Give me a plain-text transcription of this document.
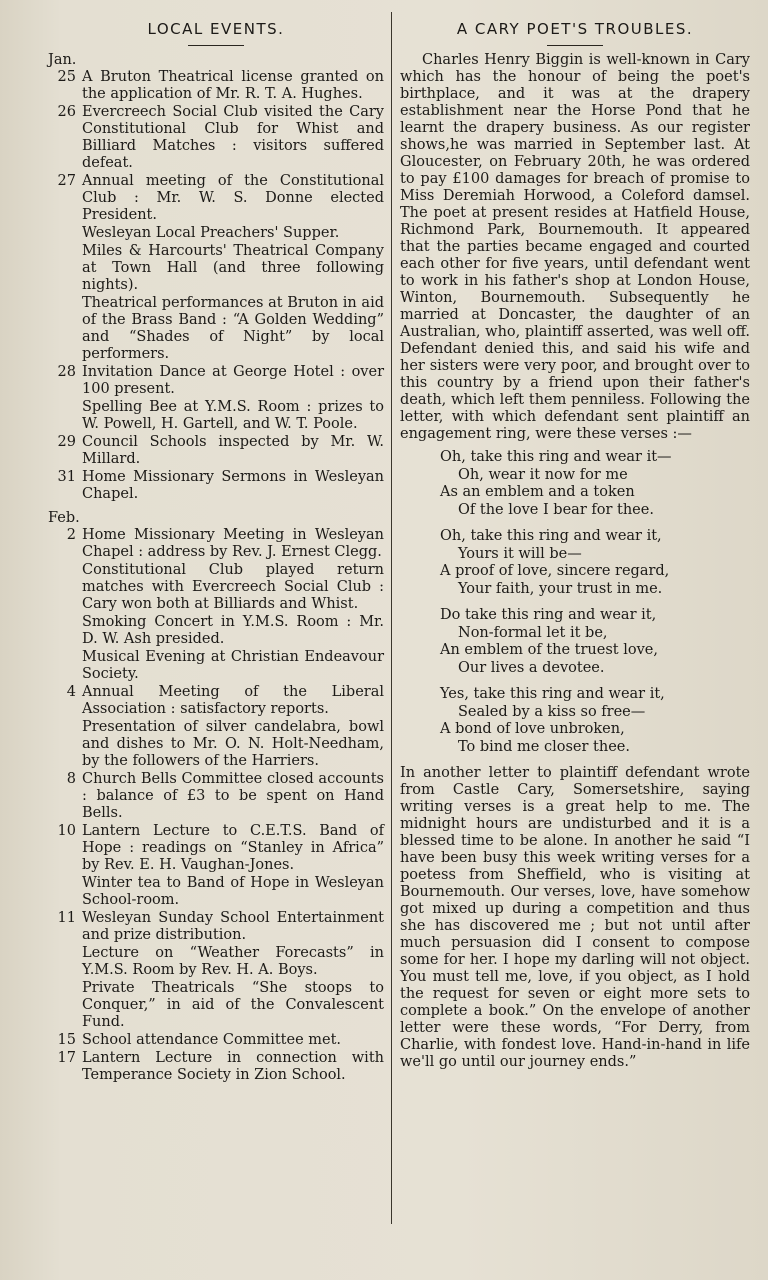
LOCAL EVENTS.
Jan.
25 A Bruton Theatrical license granted on the application of Mr. R. T. A. Hughes.
26 Evercreech Social Club visited the Cary Constitutional Club for Whist and Billiard Matches : visitors suffered defeat.
27 Annual meeting of the Constitutional Club : Mr. W. S. Donne elected President.
Wesleyan Local Preachers' Supper.
Miles & Harcourts' Theatrical Company at Town Hall (and three following nights).
Theatrical performances at Bruton in aid of the Brass Band : “A Golden Wedding” and “Shades of Night” by local performers.
28 Invitation Dance at George Hotel : over 100 present.
Spelling Bee at Y.M.S. Room : prizes to W. Powell, H. Gartell, and W. T. Poole.
29 Council Schools inspected by Mr. W. Millard.
31 Home Missionary Sermons in Wesleyan Chapel.
Feb.
2 Home Missionary Meeting in Wesleyan Chapel : address by Rev. J. Ernest Clegg.
Constitutional Club played return matches with Evercreech Social Club : Cary won both at Billiards and Whist.
Smoking Concert in Y.M.S. Room : Mr. D. W. Ash presided.
Musical Evening at Christian Endeavour Society.
4 Annual Meeting of the Liberal Association : satisfactory reports.
Presentation of silver candelabra, bowl and dishes to Mr. O. N. Holt-Needham, by the followers of the Harriers.
8 Church Bells Committee closed accounts : balance of £3 to be spent on Hand Bells.
10 Lantern Lecture to C.E.T.S. Band of Hope : readings on “Stanley in Africa” by Rev. E. H. Vaughan-Jones.
Winter tea to Band of Hope in Wesleyan School-room.
11 Wesleyan Sunday School Entertainment and prize distribution.
Lecture on “Weather Forecasts” in Y.M.S. Room by Rev. H. A. Boys.
Private Theatricals “She stoops to Conquer,” in aid of the Convalescent Fund.
15 School attendance Committee met.
17 Lantern Lecture in connection with Temperance Society in Zion School.
A CARY POET'S TROUBLES.

Charles Henry Biggin is well-known in Cary which has the honour of being the poet's birthplace, and it was at the drapery establishment near the Horse Pond that he learnt the drapery business. As our register shows,he was married in September last. At Gloucester, on February 20th, he was ordered to pay £100 damages for breach of promise to Miss Deremiah Horwood, a Coleford damsel. The poet at present resides at Hatfield House, Richmond Park, Bournemouth. It appeared that the parties became engaged and courted each other for five years, until defendant went to work in his father's shop at London House, Winton, Bournemouth. Subsequently he married at Doncaster, the daughter of an Australian, who, plaintiff asserted, was well off. Defendant denied this, and said his wife and her sisters were very poor, and brought over to this country by a friend upon their father's death, which left them penniless. Following the letter, with which defendant sent plaintiff an engagement ring, were these verses :—

Oh, take this ring and wear it—
Oh, wear it now for me
As an emblem and a token
Of the love I bear for thee.
Oh, take this ring and wear it,
Yours it will be—
A proof of love, sincere regard,
Your faith, your trust in me.
Do take this ring and wear it,
Non-formal let it be,
An emblem of the truest love,
Our lives a devotee.
Yes, take this ring and wear it,
Sealed by a kiss so free—
A bond of love unbroken,
To bind me closer thee.

In another letter to plaintiff defendant wrote from Castle Cary, Somersetshire, saying writing verses is a great help to me. The midnight hours are undisturbed and it is a blessed time to be alone. In another he said “I have been busy this week writing verses for a poetess from Sheffield, who is visiting at Bournemouth. Our verses, love, have somehow got mixed up during a competition and thus she has discovered me ; but not until after much persuasion did I consent to compose some for her. I hope my darling will not object. You must tell me, love, if you object, as I hold the request for seven or eight more sets to complete a book.” On the envelope of another letter were these words, “For Derry, from Charlie, with fondest love. Hand-in-hand in life we'll go until our journey ends.”
